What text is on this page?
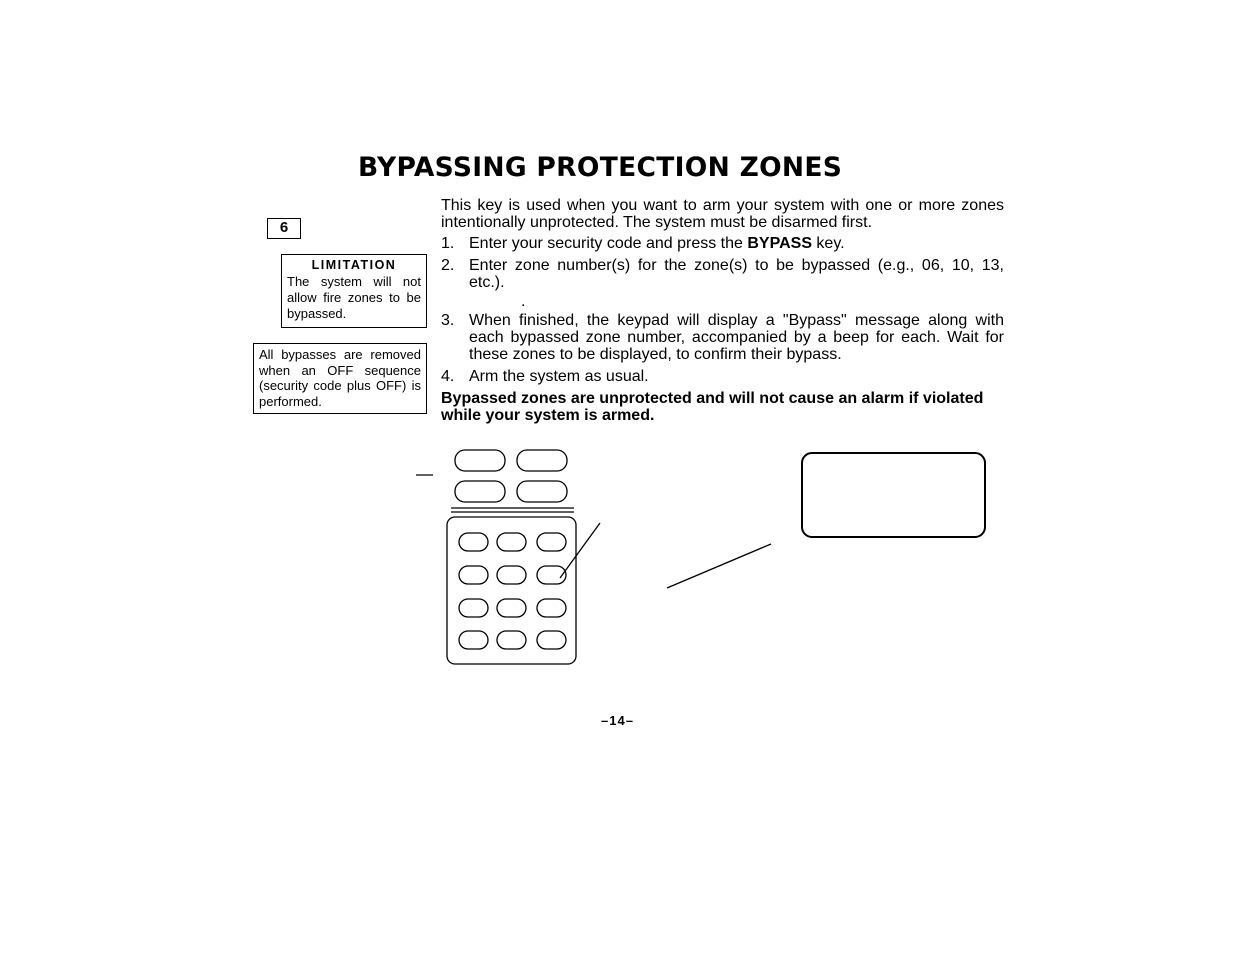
BYPASSING PROTECTION ZONES
6
LIMITATION
The system will not allow fire zones to be bypassed.
All bypasses are removed when an OFF sequence (security code plus OFF) is performed.

This key is used when you want to arm your system with one or more zones intentionally unprotected. The system must be disarmed first.

1. Enter your security code and press the BYPASS key.
2. Enter zone number(s) for the zone(s) to be bypassed (e.g., 06, 10, 13, etc.).
.
3. When finished, the keypad will display a "Bypass" message along with each bypassed zone number, accompanied by a beep for each. Wait for these zones to be displayed, to confirm their bypass.
4. Arm the system as usual.
Bypassed zones are unprotected and will not cause an alarm if violated while your system is armed.
–14–
